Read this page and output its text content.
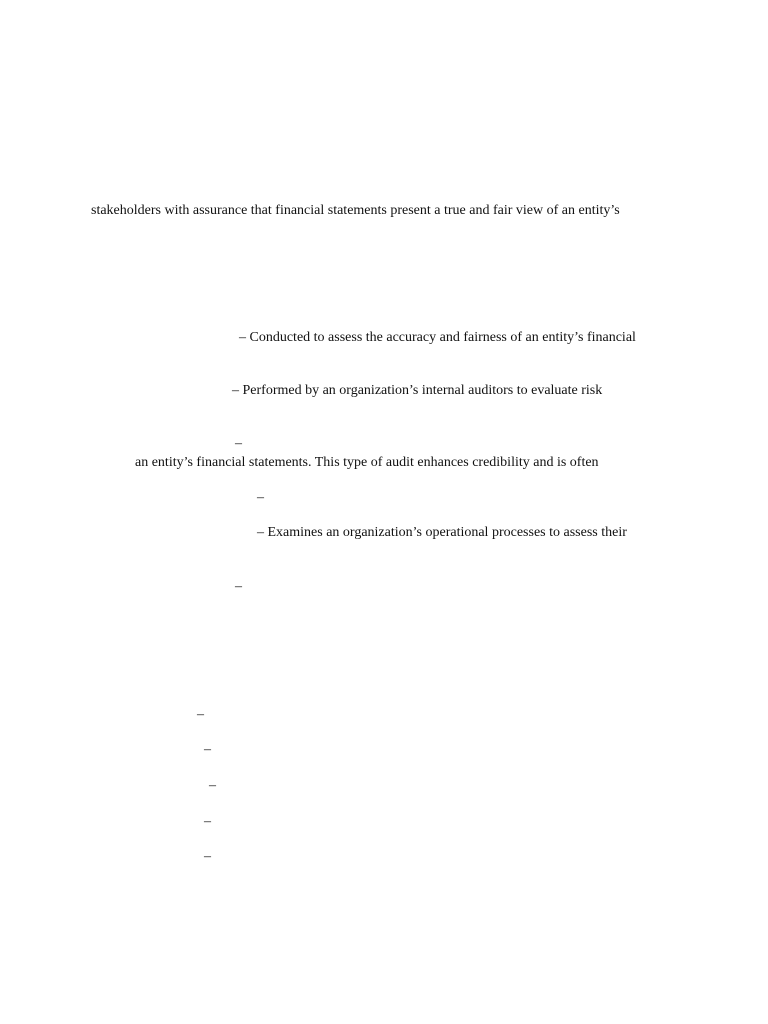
stakeholders with assurance that financial statements present a true and fair view of an entity’s
– Conducted to assess the accuracy and fairness of an entity’s financial
– Performed by an organization’s internal auditors to evaluate risk
–
an entity’s financial statements. This type of audit enhances credibility and is often
–
– Examines an organization’s operational processes to assess their
–
–
–
–
–
–
